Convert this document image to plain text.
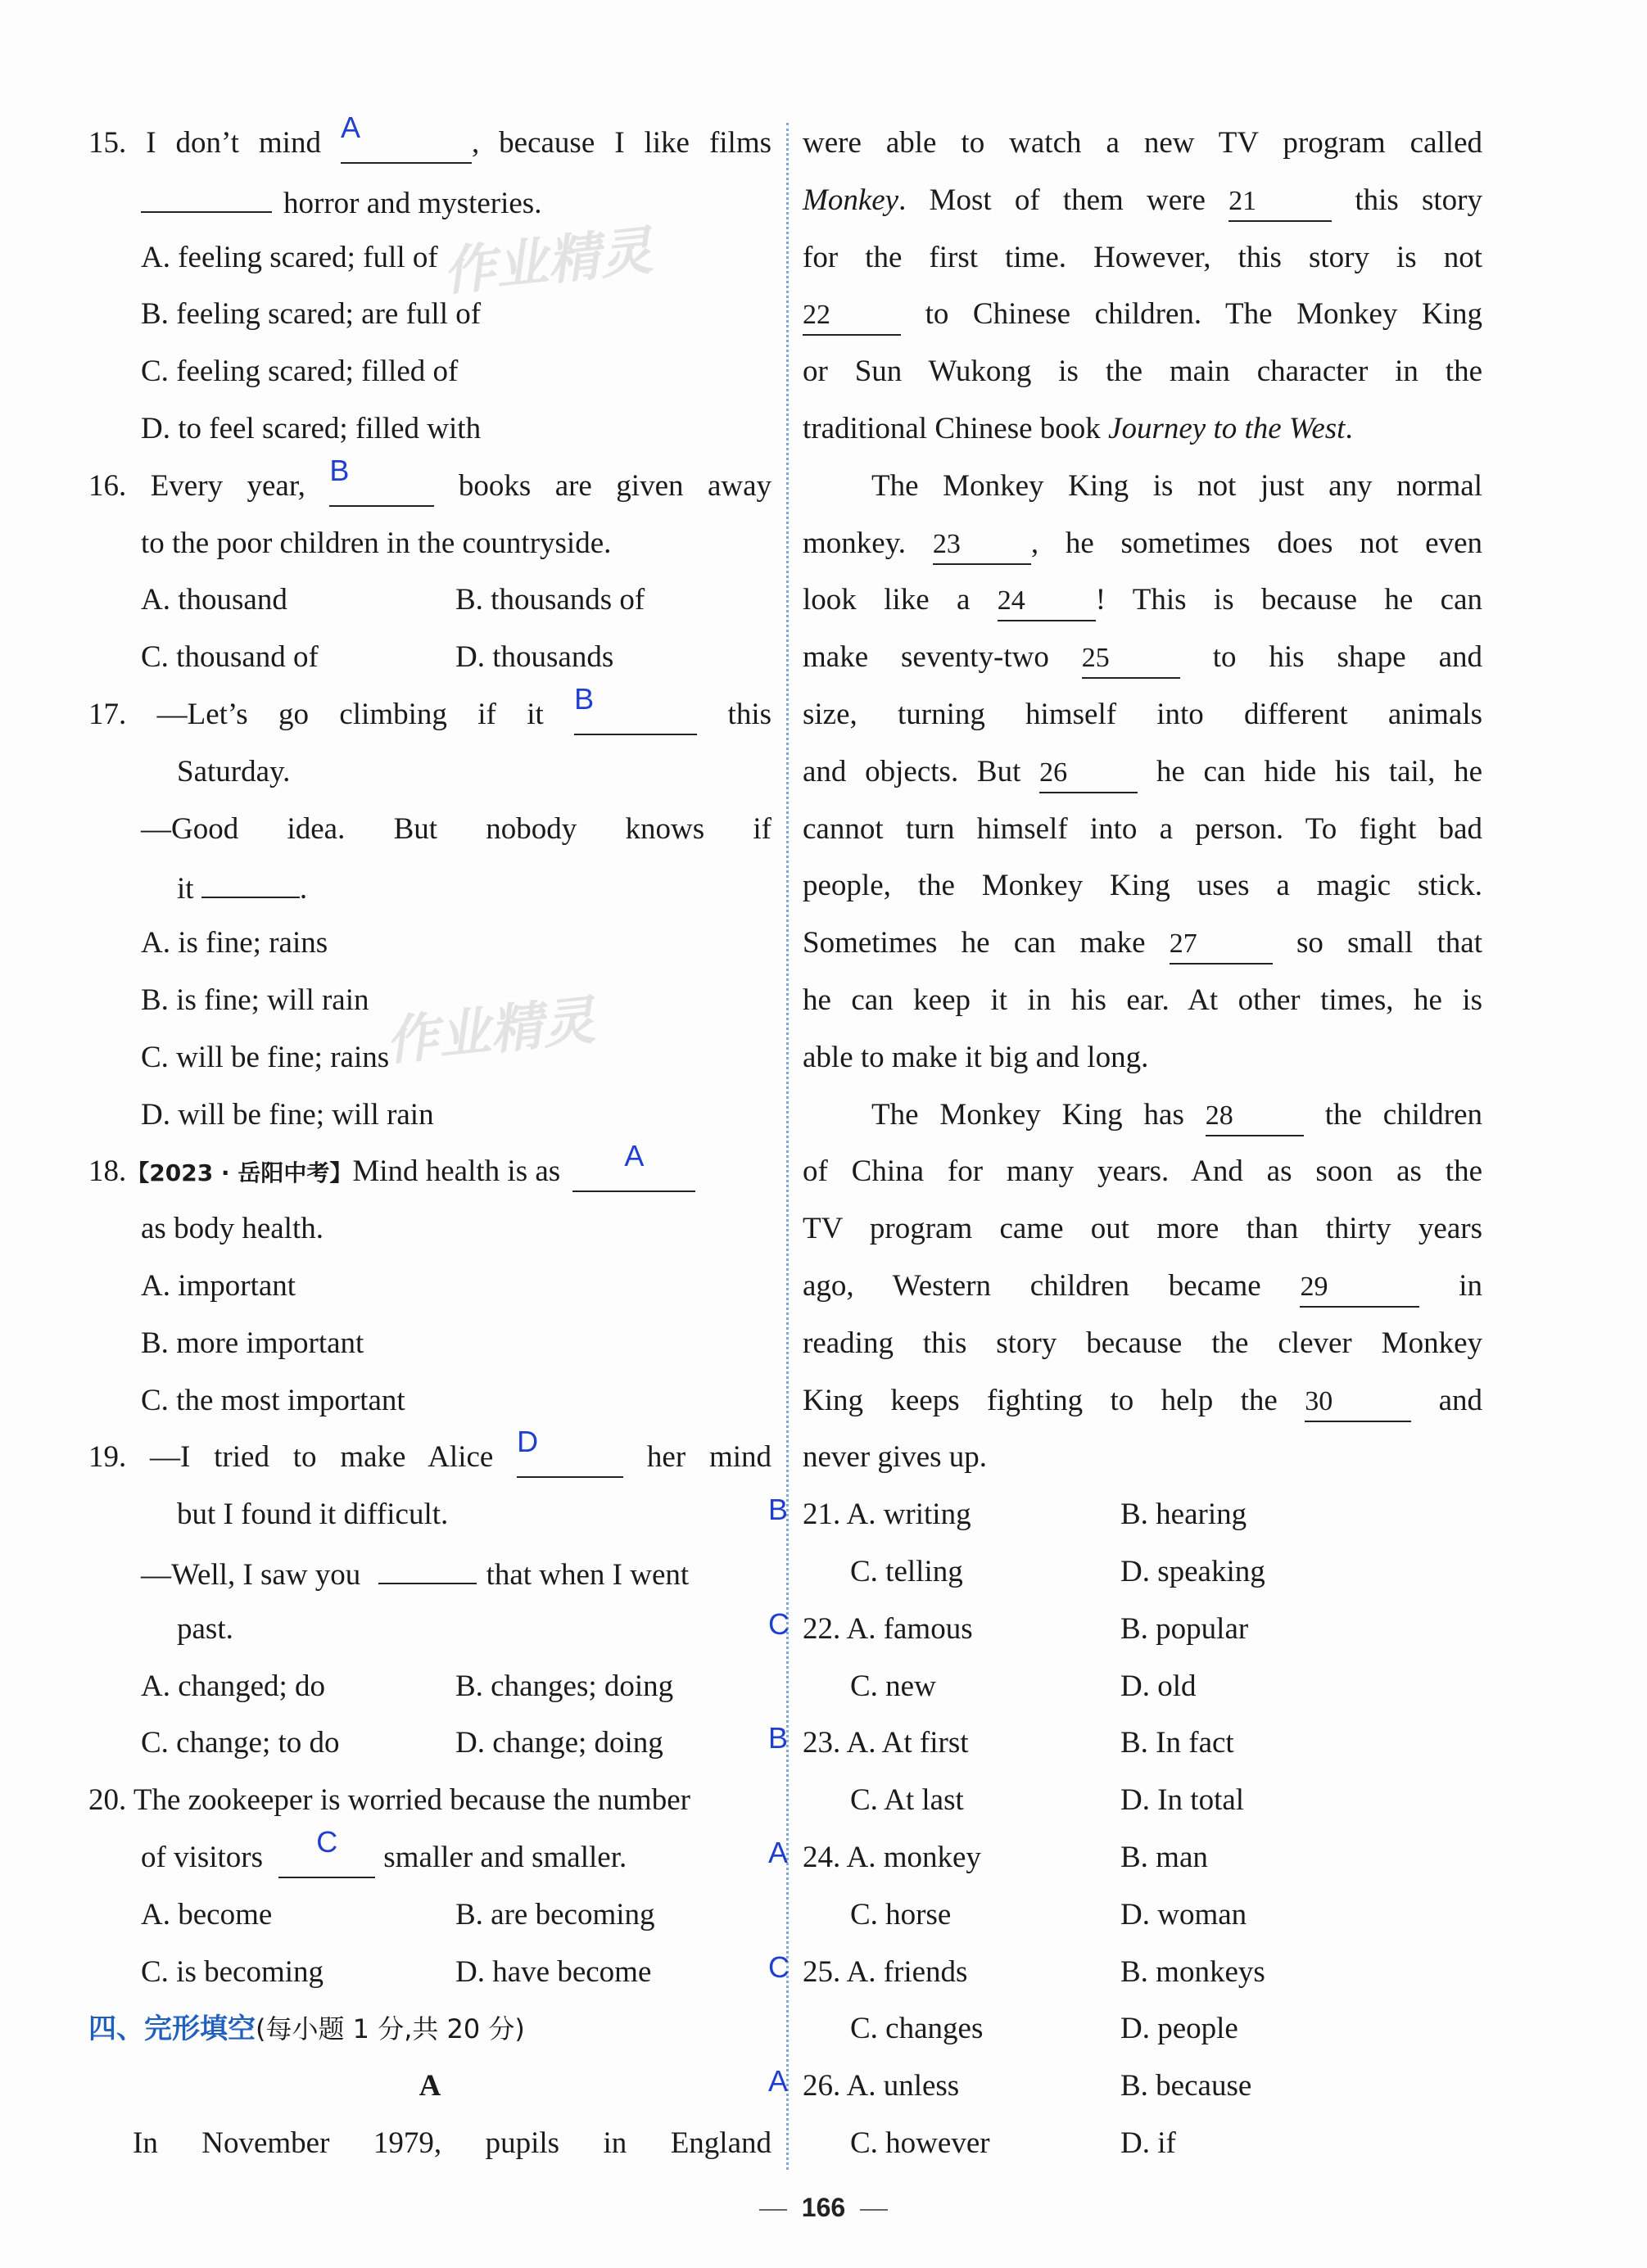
作业精灵
作业精灵
15. I don’t mind A	, because I like films
horror and mysteries.
A. feeling scared; full of
B. feeling scared; are full of
C. feeling scared; filled of
D. to feel scared; filled with
16. Every year, B	books are given away
to the poor children in the countryside.
A. thousand	B. thousands of
C. thousand of	D. thousands
17. —Let’s go climbing if it B	this
Saturday.
—Good idea. But nobody knows if
it	.
A. is fine; rains
B. is fine; will rain
C. will be fine; rains
D. will be fine; will rain
18.【2023 · 岳阳中考】Mind health is as A
as body health.
A. important
B. more important
C. the most important
19. —I tried to make Alice D	her mind
but I found it difficult.
—Well, I saw you	that when I went
past.
A. changed; do	B. changes; doing
C. change; to do	D. change; doing
20. The zookeeper is worried because the number
of visitors C smaller and smaller.
A. become	B. are becoming
C. is becoming	D. have become
四、完形填空(每小题 1 分,共 20 分)
A
In November 1979, pupils in England
were able to watch a new TV program called
Monkey. Most of them were 21	this story
for the first time. However, this story is not
22	to Chinese children. The Monkey King
or Sun Wukong is the main character in the
traditional Chinese book Journey to the West.
The Monkey King is not just any normal
monkey. 23 , he sometimes does not even
look like a 24 ! This is because he can
make seventy-two 25	to his shape and
size, turning himself into different animals
and objects. But 26	he can hide his tail, he
cannot turn himself into a person. To fight bad
people, the Monkey King uses a magic stick.
Sometimes he can make 27	so small that
he can keep it in his ear. At other times, he is
able to make it big and long.
The Monkey King has 28	the children
of China for many years. And as soon as the
TV program came out more than thirty years
ago, Western children became 29	in
reading this story because the clever Monkey
King keeps fighting to help the 30	and
never gives up.
B 21. A. writing	B. hearing
C. telling	D. speaking
C 22. A. famous	B. popular
C. new	D. old
B 23. A. At first	B. In fact
C. At last	D. In total
A 24. A. monkey	B. man
C. horse	D. woman
C 25. A. friends	B. monkeys
C. changes	D. people
A 26. A. unless	B. because
C. however	D. if
166
